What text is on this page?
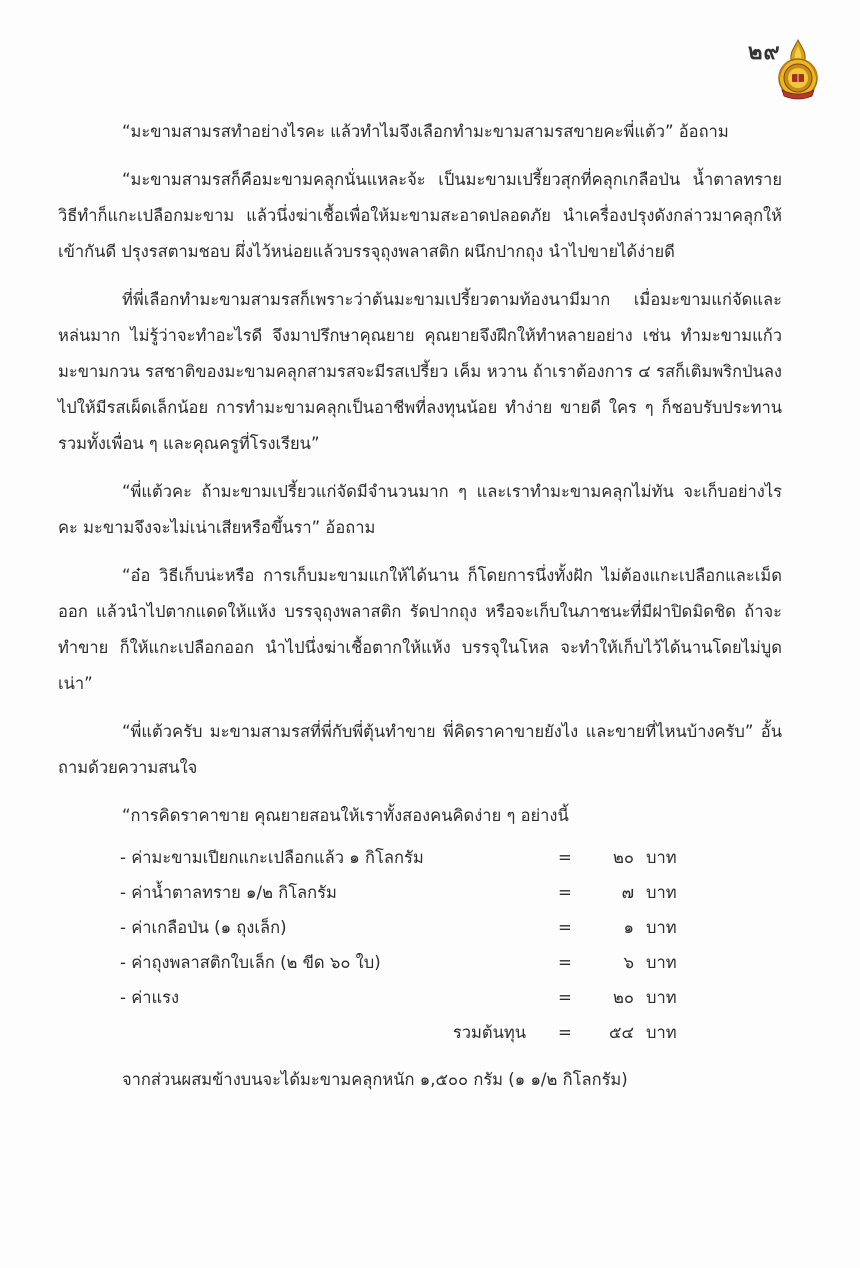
๒๙

“มะขามสามรสทำอย่างไรคะ แล้วทำไมจึงเลือกทำมะขามสามรสขายคะพี่แต้ว” อ้อถาม

“มะขามสามรสก็คือมะขามคลุกนั่นแหละจ้ะ เป็นมะขามเปรี้ยวสุกที่คลุกเกลือป่น น้ำตาลทราย วิธีทำก็แกะเปลือกมะขาม แล้วนึ่งฆ่าเชื้อเพื่อให้มะขามสะอาดปลอดภัย นำเครื่องปรุงดังกล่าวมาคลุกให้เข้ากันดี ปรุงรสตามชอบ ผึ่งไว้หน่อยแล้วบรรจุถุงพลาสติก ผนึกปากถุง นำไปขายได้ง่ายดี

ที่พี่เลือกทำมะขามสามรสก็เพราะว่าต้นมะขามเปรี้ยวตามท้องนามีมาก เมื่อมะขามแก่จัดและหล่นมาก ไม่รู้ว่าจะทำอะไรดี จึงมาปรึกษาคุณยาย คุณยายจึงฝึกให้ทำหลายอย่าง เช่น ทำมะขามแก้ว มะขามกวน รสชาติของมะขามคลุกสามรสจะมีรสเปรี้ยว เค็ม หวาน ถ้าเราต้องการ ๔ รสก็เติมพริกป่นลงไปให้มีรสเผ็ดเล็กน้อย การทำมะขามคลุกเป็นอาชีพที่ลงทุนน้อย ทำง่าย ขายดี ใคร ๆ ก็ชอบรับประทาน รวมทั้งเพื่อน ๆ และคุณครูที่โรงเรียน”

“พี่แต้วคะ ถ้ามะขามเปรี้ยวแก่จัดมีจำนวนมาก ๆ และเราทำมะขามคลุกไม่ทัน จะเก็บอย่างไรคะ มะขามจึงจะไม่เน่าเสียหรือขึ้นรา” อ้อถาม

“อ๋อ วิธีเก็บน่ะหรือ การเก็บมะขามแกให้ได้นาน ก็โดยการนึ่งทั้งฝัก ไม่ต้องแกะเปลือกและเม็ดออก แล้วนำไปตากแดดให้แห้ง บรรจุถุงพลาสติก รัดปากถุง หรือจะเก็บในภาชนะที่มีฝาปิดมิดชิด ถ้าจะทำขาย ก็ให้แกะเปลือกออก นำไปนึ่งฆ่าเชื้อตากให้แห้ง บรรจุในโหล จะทำให้เก็บไว้ได้นานโดยไม่บูดเน่า”

“พี่แต้วครับ มะขามสามรสที่พี่กับพี่ตุ้นทำขาย พี่คิดราคาขายยังไง และขายที่ไหนบ้างครับ” อั้นถามด้วยความสนใจ

“การคิดราคาขาย คุณยายสอนให้เราทั้งสองคนคิดง่าย ๆ อย่างนี้
- ค่ามะขามเปียกแกะเปลือกแล้ว ๑ กิโลกรัม	=	๒๐ บาท
- ค่าน้ำตาลทราย ๑/๒ กิโลกรัม	=	๗ บาท
- ค่าเกลือป่น (๑ ถุงเล็ก)	=	๑ บาท
- ค่าถุงพลาสติกใบเล็ก (๒ ขีด ๖๐ ใบ)	=	๖ บาท
- ค่าแรง	=	๒๐ บาท
รวมต้นทุน	=	๕๔ บาท
จากส่วนผสมข้างบนจะได้มะขามคลุกหนัก ๑,๕๐๐ กรัม (๑ ๑/๒ กิโลกรัม)
